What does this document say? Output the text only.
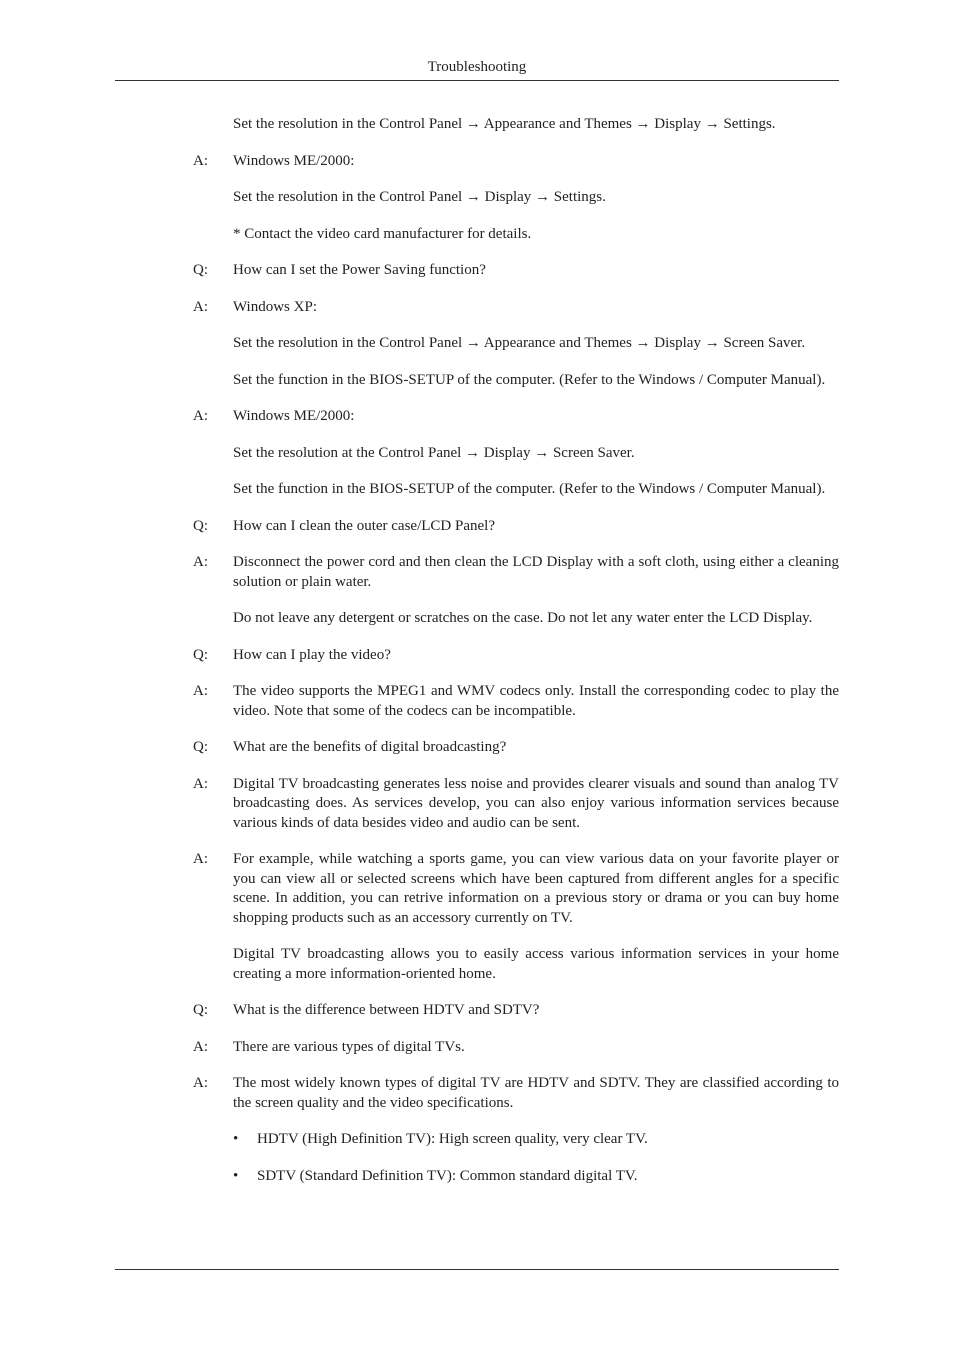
Troubleshooting
Set the resolution in the Control Panel → Appearance and Themes → Display → Settings.
A:	Windows ME/2000:
Set the resolution in the Control Panel → Display → Settings.
* Contact the video card manufacturer for details.
Q:	How can I set the Power Saving function?
A:	Windows XP:
Set the resolution in the Control Panel → Appearance and Themes → Display → Screen Saver.
Set the function in the BIOS-SETUP of the computer. (Refer to the Windows / Computer Manual).
A:	Windows ME/2000:
Set the resolution at the Control Panel → Display → Screen Saver.
Set the function in the BIOS-SETUP of the computer. (Refer to the Windows / Computer Manual).
Q:	How can I clean the outer case/LCD Panel?
A:	Disconnect the power cord and then clean the LCD Display with a soft cloth, using either a cleaning solution or plain water.
Do not leave any detergent or scratches on the case. Do not let any water enter the LCD Display.
Q:	How can I play the video?
A:	The video supports the MPEG1 and WMV codecs only. Install the corresponding codec to play the video. Note that some of the codecs can be incompatible.
Q:	What are the benefits of digital broadcasting?
A:	Digital TV broadcasting generates less noise and provides clearer visuals and sound than analog TV broadcasting does. As services develop, you can also enjoy various information services because various kinds of data besides video and audio can be sent.
A:	For example, while watching a sports game, you can view various data on your favorite player or you can view all or selected screens which have been captured from different angles for a specific scene. In addition, you can retrive information on a previous story or drama or you can buy home shopping products such as an accessory currently on TV.
Digital TV broadcasting allows you to easily access various information services in your home creating a more information-oriented home.
Q:	What is the difference between HDTV and SDTV?
A:	There are various types of digital TVs.
A:	The most widely known types of digital TV are HDTV and SDTV. They are classified according to the screen quality and the video specifications.
•	HDTV (High Definition TV): High screen quality, very clear TV.
•	SDTV (Standard Definition TV): Common standard digital TV.
